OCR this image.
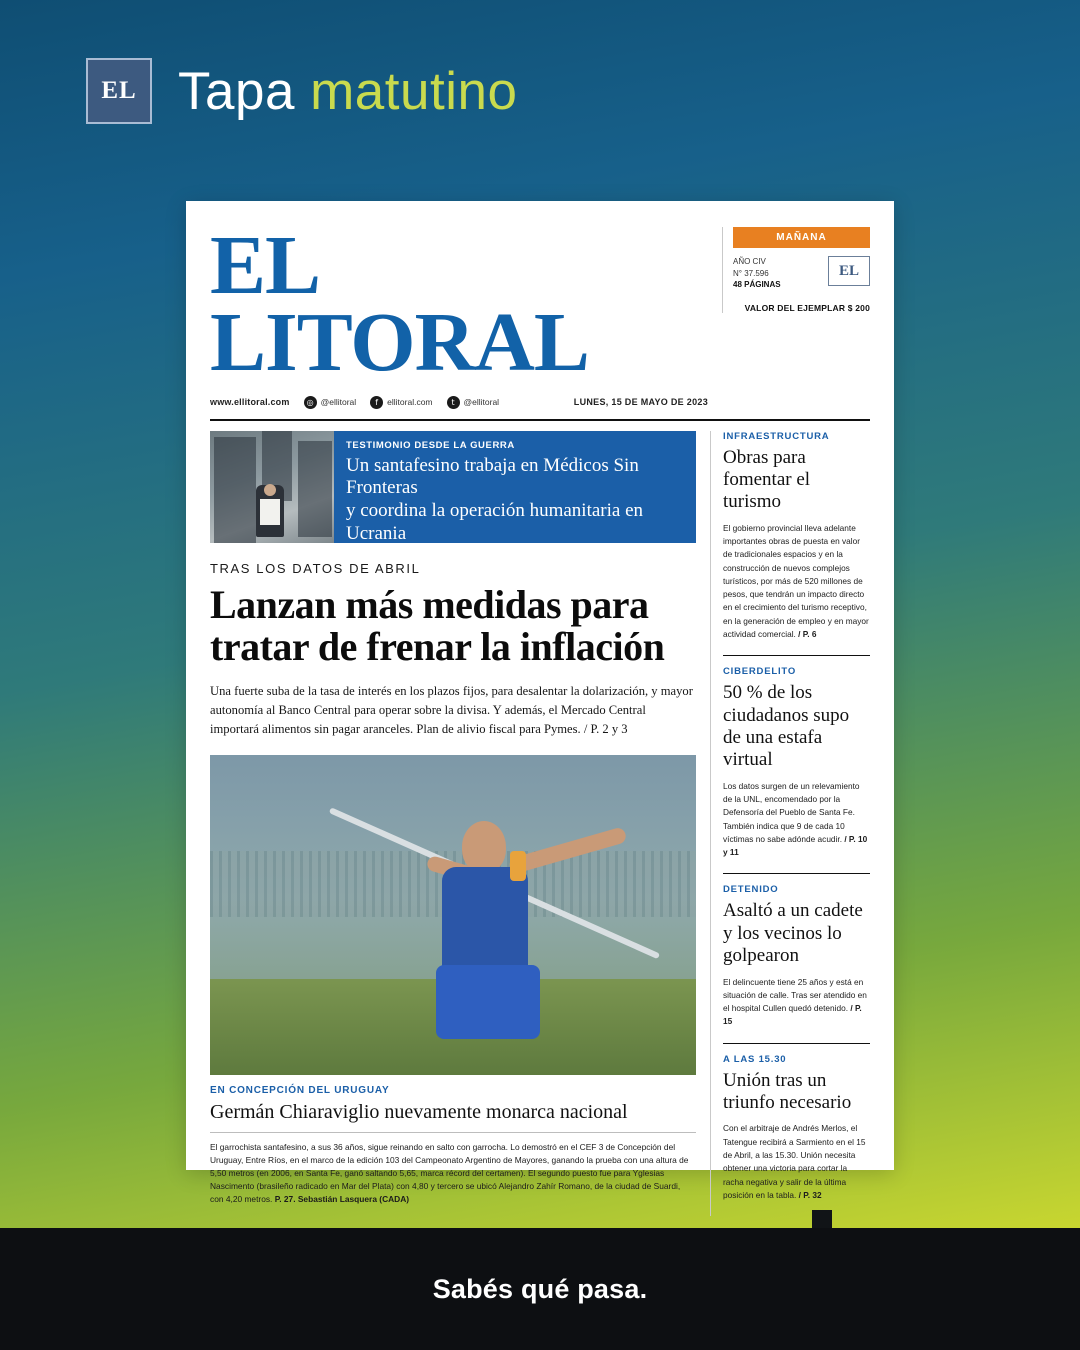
EL Tapa matutino
EL LITORAL
www.ellitoral.com	◎ @ellitoral	f	ellitoral.com	t	@ellitoral	LUNES, 15 DE MAYO DE 2023
MAÑANA
AÑO CIV
N° 37.596
48 PÁGINAS
EL
VALOR DEL EJEMPLAR $ 200
TESTIMONIO DESDE LA GUERRA
Un santafesino trabaja en Médicos Sin Fronteras
y coordina la operación humanitaria en Ucrania
TRAS LOS DATOS DE ABRIL
Lanzan más medidas para
tratar de frenar la inflación
Una fuerte suba de la tasa de interés en los plazos fijos, para desalentar la dolarización, y mayor autonomía al Banco Central para operar sobre la divisa. Y además, el Mercado Central importará alimentos sin pagar aranceles. Plan de alivio fiscal para Pymes. / P. 2 y 3
EN CONCEPCIÓN DEL URUGUAY
Germán Chiaraviglio nuevamente monarca nacional
El garrochista santafesino, a sus 36 años, sigue reinando en salto con garrocha. Lo demostró en el CEF 3 de Concepción del Uruguay, Entre Ríos, en el marco de la edición 103 del Campeonato Argentino de Mayores, ganando la prueba con una altura de 5,50 metros (en 2006, en Santa Fe, ganó saltando 5,65, marca récord del certamen). El segundo puesto fue para Yglesias Nascimento (brasileño radicado en Mar del Plata) con 4,80 y tercero se ubicó Alejandro Zahír Romano, de la ciudad de Suardi, con 4,20 metros. P. 27. Sebastián Lasquera (CADA)
INFRAESTRUCTURA
Obras para fomentar el turismo
El gobierno provincial lleva adelante importantes obras de puesta en valor de tradicionales espacios y en la construcción de nuevos complejos turísticos, por más de 520 millones de pesos, que tendrán un impacto directo en el crecimiento del turismo receptivo, en la generación de empleo y en mayor actividad comercial. / P. 6
CIBERDELITO
50 % de los ciudadanos supo de una estafa virtual
Los datos surgen de un relevamiento de la UNL, encomendado por la Defensoría del Pueblo de Santa Fe. También indica que 9 de cada 10 víctimas no sabe adónde acudir. / P. 10 y 11
DETENIDO
Asaltó a un cadete y los vecinos lo golpearon
El delincuente tiene 25 años y está en situación de calle. Tras ser atendido en el hospital Cullen quedó detenido. / P. 15
A LAS 15.30
Unión tras un triunfo necesario
Con el arbitraje de Andrés Merlos, el Tatengue recibirá a Sarmiento en el 15 de Abril, a las 15.30. Unión necesita obtener una victoria para cortar la racha negativa y salir de la última posición en la tabla. / P. 32
Sabés qué pasa.
